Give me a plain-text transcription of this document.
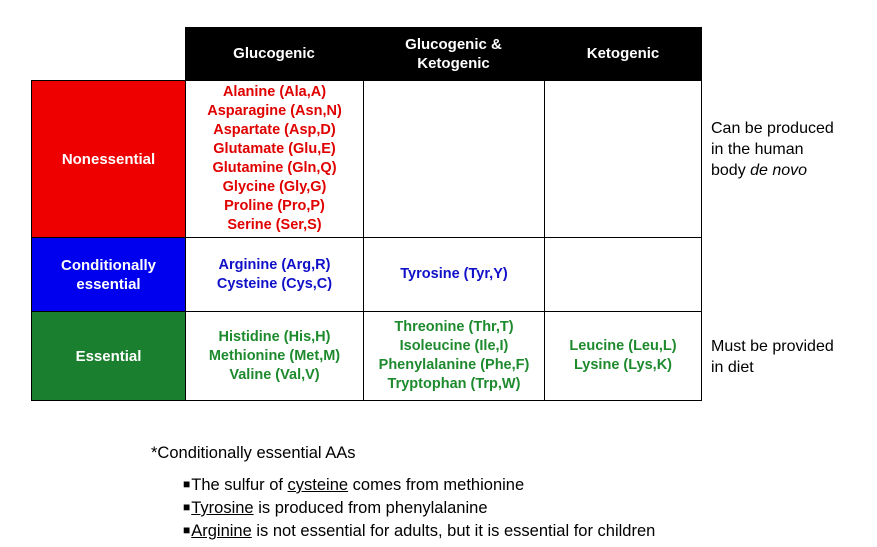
Glucogenic
Glucogenic & Ketogenic
Ketogenic
Nonessential
Conditionally essential
Essential
Alanine (Ala,A)
Asparagine (Asn,N)
Aspartate (Asp,D)
Glutamate (Glu,E)
Glutamine (Gln,Q)
Glycine (Gly,G)
Proline (Pro,P)
Serine (Ser,S)
Arginine (Arg,R)
Cysteine (Cys,C)
Tyrosine (Tyr,Y)
Histidine (His,H)
Methionine (Met,M)
Valine (Val,V)
Threonine (Thr,T)
Isoleucine (Ile,I)
Phenylalanine (Phe,F)
Tryptophan (Trp,W)
Leucine (Leu,L)
Lysine (Lys,K)
Can be produced
in the human
body de novo
Must be provided
in diet
*Conditionally essential AAs
■The sulfur of cysteine comes from methionine
■Tyrosine is produced from phenylalanine
■Arginine is not essential for adults, but it is essential for children
